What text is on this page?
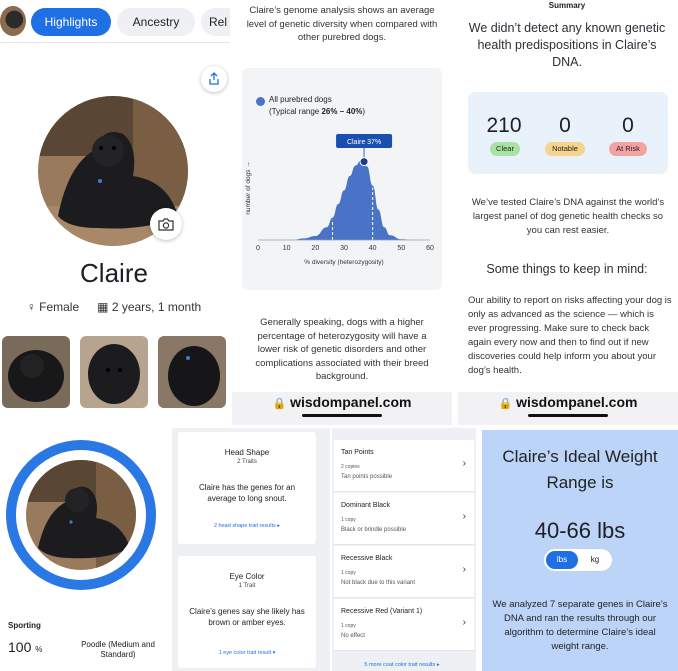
Highlights	Ancestry	Rel
Claire
♀ Female ▦ 2 years, 1 month
Claire’s genome analysis shows an average level of genetic diversity when compared with other purebred dogs.
0	10	20	30	40	50	60
% diversity (heterozygosity)
number of dogs →
Claire 37%
All purebred dogs
(Typical range 26% – 40%)
Generally speaking, dogs with a higher percentage of heterozygosity will have a lower risk of genetic disorders and other complications associated with their breed background.
🔒 wisdompanel.com
Summary
We didn’t detect any known genetic health predispositions in Claire’s DNA.
210	0	0
Clear	Notable	At Risk
We’ve tested Claire’s DNA against the world’s largest panel of dog genetic health checks so you can rest easier.
Some things to keep in mind:
Our ability to report on risks affecting your dog is only as advanced as the science — which is ever progressing. Make sure to check back again every now and then to find out if new discoveries could help inform you about your dog’s health.
🔒 wisdompanel.com
Sporting
100 %
Poodle (Medium and Standard)
Head Shape
2 Traits
Claire has the genes for an average to long snout.
2 head shape trait results ▸
Eye Color
1 Trait
Claire’s genes say she likely has brown or amber eyes.
1 eye color trait result ▾
Tan Points
2 copies
Tan points possible
›
Dominant Black
1 copy
Black or brindle possible
›
Recessive Black
1 copy
Not black due to this variant
›
Recessive Red (Variant 1)
1 copy
No effect
›
5 more coat color trait results ▸
Claire’s Ideal Weight Range is
40-66 lbs
lbs	kg
We analyzed 7 separate genes in Claire’s DNA and ran the results through our algorithm to determine Claire’s ideal weight range.
